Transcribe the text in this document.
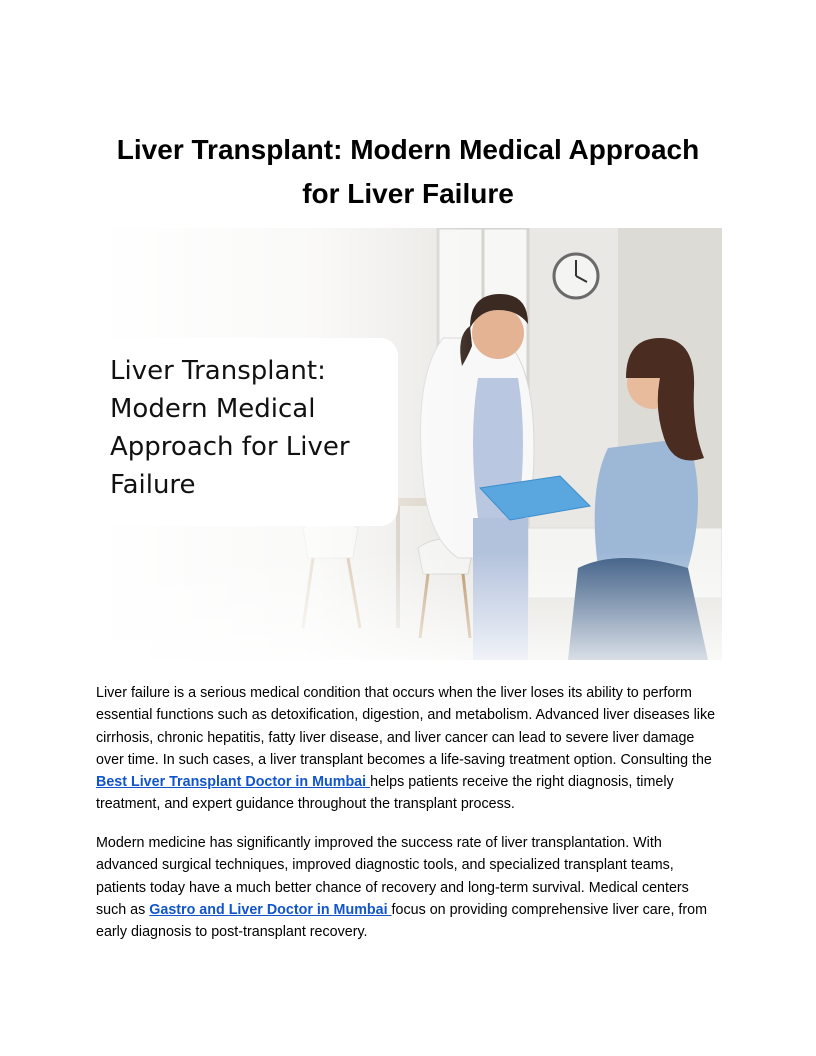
Liver Transplant: Modern Medical Approach for Liver Failure
Liver Transplant: Modern Medical Approach for Liver Failure

Liver failure is a serious medical condition that occurs when the liver loses its ability to perform essential functions such as detoxification, digestion, and metabolism. Advanced liver diseases like cirrhosis, chronic hepatitis, fatty liver disease, and liver cancer can lead to severe liver damage over time. In such cases, a liver transplant becomes a life-saving treatment option. Consulting the Best Liver Transplant Doctor in Mumbai helps patients receive the right diagnosis, timely treatment, and expert guidance throughout the transplant process.

Modern medicine has significantly improved the success rate of liver transplantation. With advanced surgical techniques, improved diagnostic tools, and specialized transplant teams, patients today have a much better chance of recovery and long-term survival. Medical centers such as Gastro and Liver Doctor in Mumbai focus on providing comprehensive liver care, from early diagnosis to post-transplant recovery.
